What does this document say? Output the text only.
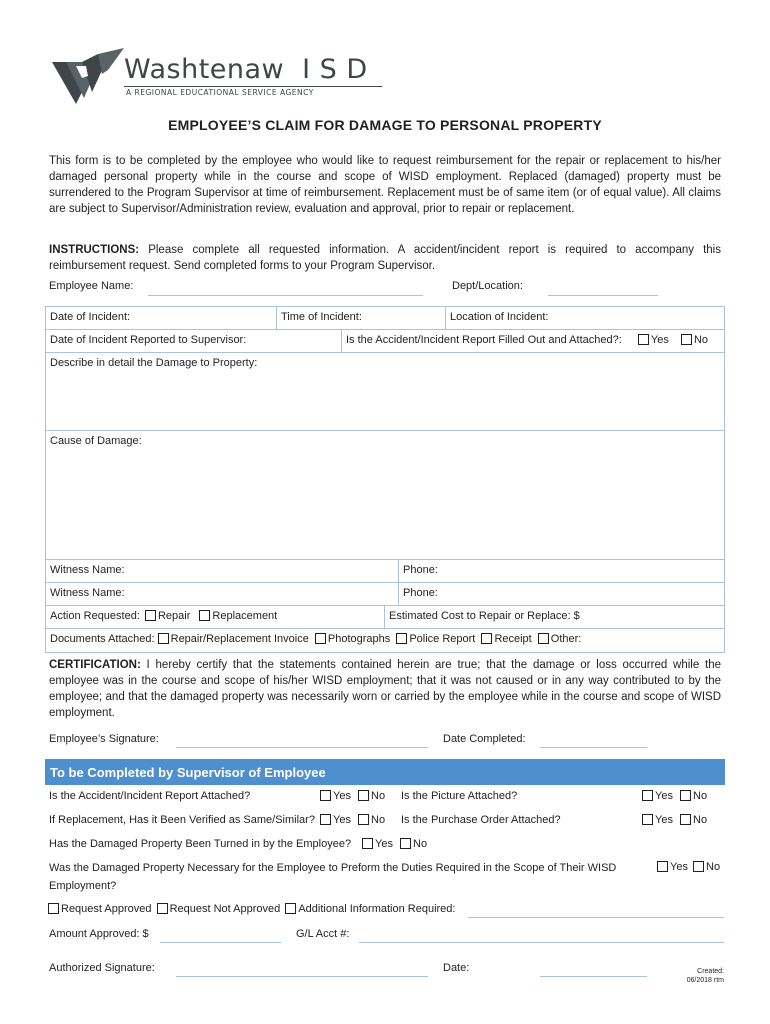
Washtenaw I S D
A REGIONAL EDUCATIONAL SERVICE AGENCY
EMPLOYEE’S CLAIM FOR DAMAGE TO PERSONAL PROPERTY
This form is to be completed by the employee who would like to request reimbursement for the repair or replacement to his/her damaged personal property while in the course and scope of WISD employment. Replaced (damaged) property must be surrendered to the Program Supervisor at time of reimbursement. Replacement must be of same item (or of equal value). All claims are subject to Supervisor/Administration review, evaluation and approval, prior to repair or replacement.
INSTRUCTIONS: Please complete all requested information. A accident/incident report is required to accompany this reimbursement request. Send completed forms to your Program Supervisor.
Employee Name:	Dept/Location:
Date of Incident:	Time of Incident:	Location of Incident:
Date of Incident Reported to Supervisor:	Is the Accident/Incident Report Filled Out and Attached?:	Yes No
Describe in detail the Damage to Property:
Cause of Damage:
Witness Name:	Phone:
Witness Name:	Phone:
Action Requested: Repair Replacement	Estimated Cost to Repair or Replace: $
Documents Attached: Repair/Replacement Invoice Photographs Police Report Receipt Other:
CERTIFICATION: I hereby certify that the statements contained herein are true; that the damage or loss occurred while the employee was in the course and scope of his/her WISD employment; that it was not caused or in any way contributed to by the employee; and that the damaged property was necessarily worn or carried by the employee while in the course and scope of WISD employment.
Employee’s Signature:	Date Completed:
To be Completed by Supervisor of Employee
Is the Accident/Incident Report Attached?	Yes No Is the Picture Attached?	Yes No
If Replacement, Has it Been Verified as Same/Similar?	Yes No Is the Purchase Order Attached?	Yes No
Has the Damaged Property Been Turned in by the Employee?	Yes No
Was the Damaged Property Necessary for the Employee to Preform the Duties Required in the Scope of Their WISD Employment?
Yes No
Request Approved Request Not Approved Additional Information Required:
Amount Approved: $	G/L Acct #:
Authorized Signature:	Date:	Created:
06/2018 rtm
